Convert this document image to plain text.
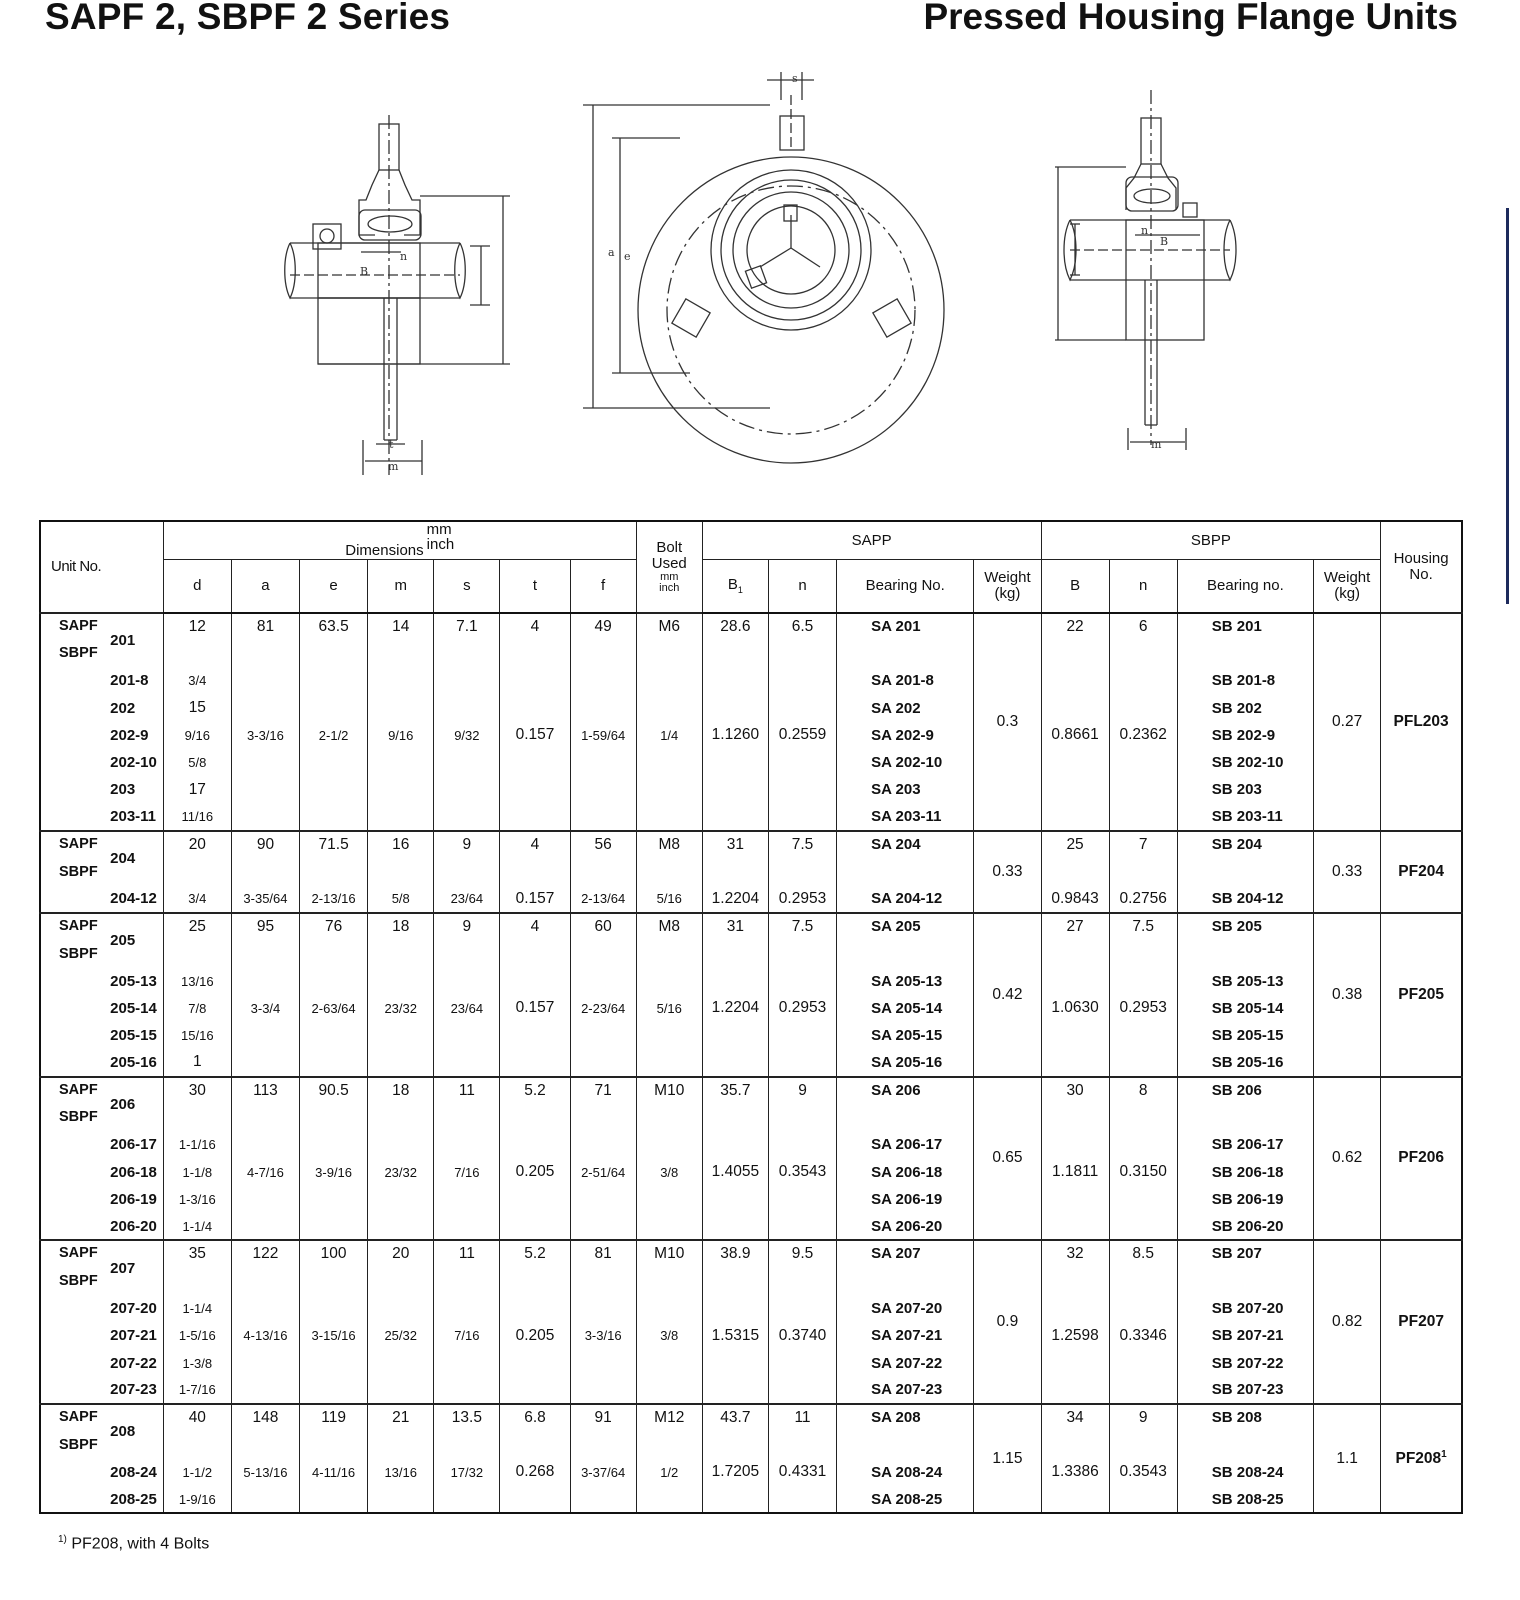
SAPF 2, SBPF 2 Series	Pressed Housing Flange Units
s
m
t
n
B
a e
m
B
n
Unit No.		Dimensionsmm
inch							Bolt Used
mm
inch	SAPP				SBPP				Housing No.

		d	a	e	m	s	t	f		$B_1$	n	Bearing No.	Weight (kg)	B	n	Bearing no.	Weight (kg)	

SAPF	201	12	81	63.5	14	7.1	4	49	M6	28.6	6.5	SA 201	0.3	22	6	SB 201	0.27	PFL203
SBPF																		
	201-8	3/4										SA 201-8				SB 201-8		
	202	15										SA 202				SB 202		
	202-9	9/16	3-3/16	2-1/2	9/16	9/32	0.157	1-59/64	1/4	1.1260	0.2559	SA 202-9		0.8661	0.2362	SB 202-9		
	202-10	5/8										SA 202-10				SB 202-10		
	203	17										SA 203				SB 203		
	203-11	11/16										SA 203-11				SB 203-11		
SAPF	204	20	90	71.5	16	9	4	56	M8	31	7.5	SA 204	0.33	25	7	SB 204	0.33	PF204
SBPF																		
	204-12	3/4	3-35/64	2-13/16	5/8	23/64	0.157	2-13/64	5/16	1.2204	0.2953	SA 204-12		0.9843	0.2756	SB 204-12		
SAPF	205	25	95	76	18	9	4	60	M8	31	7.5	SA 205	0.42	27	7.5	SB 205	0.38	PF205
SBPF																		
	205-13	13/16										SA 205-13				SB 205-13		
	205-14	7/8	3-3/4	2-63/64	23/32	23/64	0.157	2-23/64	5/16	1.2204	0.2953	SA 205-14		1.0630	0.2953	SB 205-14		
	205-15	15/16										SA 205-15				SB 205-15		
	205-16	1										SA 205-16				SB 205-16		
SAPF	206	30	113	90.5	18	11	5.2	71	M10	35.7	9	SA 206	0.65	30	8	SB 206	0.62	PF206
SBPF																		
	206-17	1-1/16										SA 206-17				SB 206-17		
	206-18	1-1/8	4-7/16	3-9/16	23/32	7/16	0.205	2-51/64	3/8	1.4055	0.3543	SA 206-18		1.1811	0.3150	SB 206-18		
	206-19	1-3/16										SA 206-19				SB 206-19		
	206-20	1-1/4										SA 206-20				SB 206-20		
SAPF	207	35	122	100	20	11	5.2	81	M10	38.9	9.5	SA 207	0.9	32	8.5	SB 207	0.82	PF207
SBPF																		
	207-20	1-1/4										SA 207-20				SB 207-20		
	207-21	1-5/16	4-13/16	3-15/16	25/32	7/16	0.205	3-3/16	3/8	1.5315	0.3740	SA 207-21		1.2598	0.3346	SB 207-21		
	207-22	1-3/8										SA 207-22				SB 207-22		
	207-23	1-7/16										SA 207-23				SB 207-23		
SAPF	208	40	148	119	21	13.5	6.8	91	M12	43.7	11	SA 208	1.15	34	9	SB 208	1.1	$PF208^1$
SBPF																		
	208-24	1-1/2	5-13/16	4-11/16	13/16	17/32	0.268	3-37/64	1/2	1.7205	0.4331	SA 208-24		1.3386	0.3543	SB 208-24		
	208-25	1-9/16										SA 208-25				SB 208-25		
$^{1)}$ PF208, with 4 Bolts
